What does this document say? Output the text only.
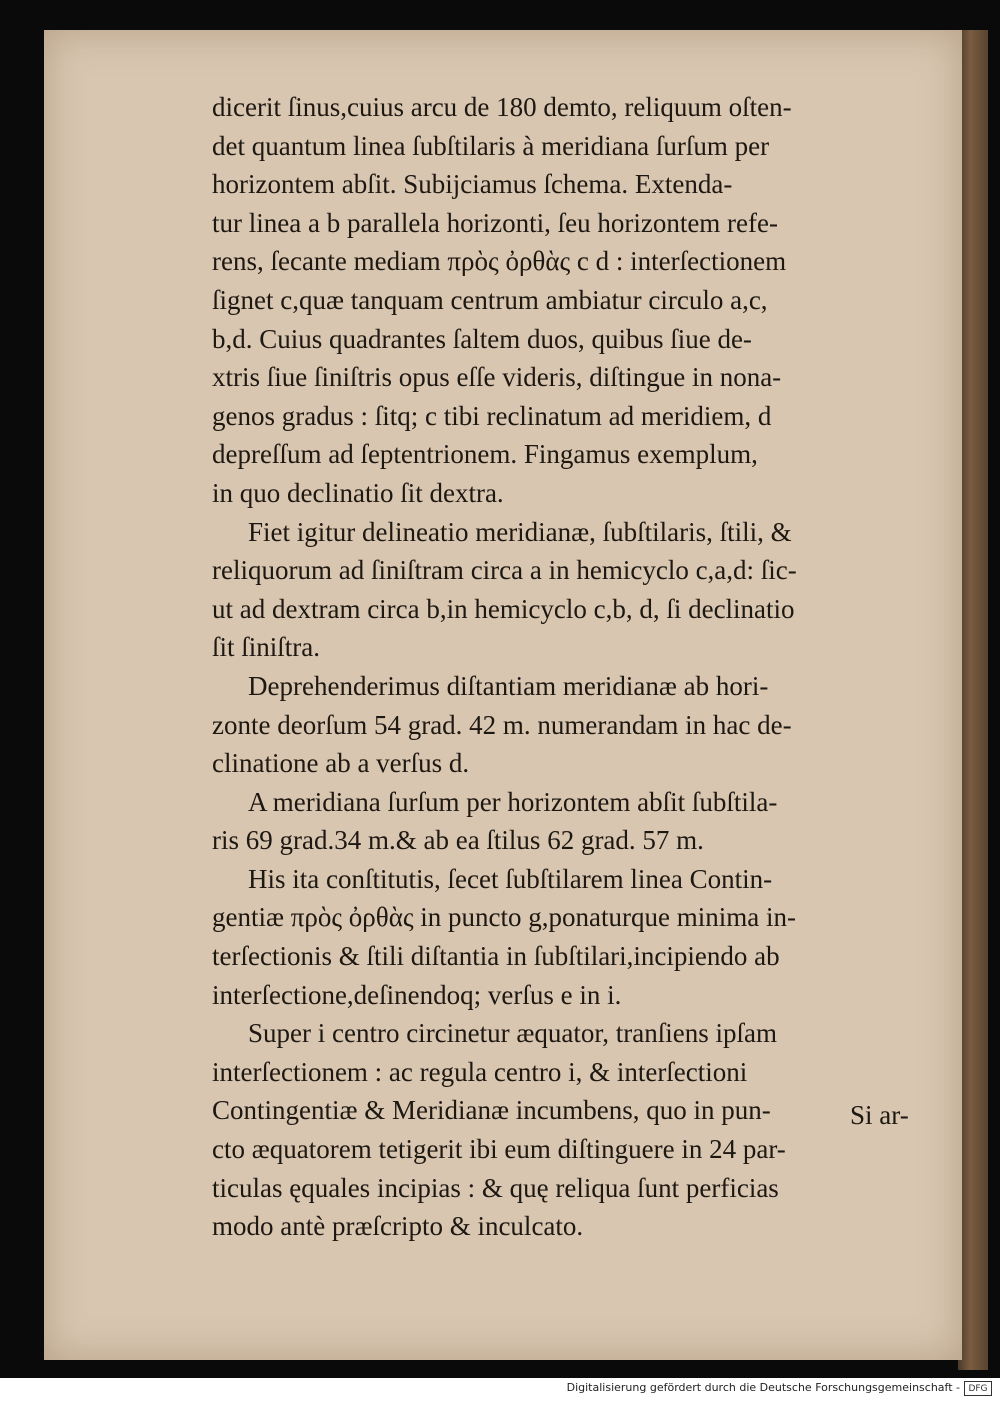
dicerit ſinus,cuius arcu de 180 demto, reliquum oſten-
det quantum linea ſubſtilaris à meridiana ſurſum per
horizontem abſit. Subijciamus ſchema. Extenda-
tur linea a b parallela horizonti, ſeu horizontem refe-
rens, ſecante mediam πρὸς ὀρθὰς c d : interſectionem
ſignet c,quæ tanquam centrum ambiatur circulo a,c,
b,d. Cuius quadrantes ſaltem duos, quibus ſiue de-
xtris ſiue ſiniſtris opus eſſe videris, diſtingue in nona-
genos gradus : ſitq; c tibi reclinatum ad meridiem, d
depreſſum ad ſeptentrionem. Fingamus exemplum,
in quo declinatio ſit dextra.
Fiet igitur delineatio meridianæ, ſubſtilaris, ſtili, &
reliquorum ad ſiniſtram circa a in hemicyclo c,a,d: ſic-
ut ad dextram circa b,in hemicyclo c,b, d, ſi declinatio
ſit ſiniſtra.
Deprehenderimus diſtantiam meridianæ ab hori-
zonte deorſum 54 grad. 42 m. numerandam in hac de-
clinatione ab a verſus d.
A meridiana ſurſum per horizontem abſit ſubſtila-
ris 69 grad.34 m.& ab ea ſtilus 62 grad. 57 m.
His ita conſtitutis, ſecet ſubſtilarem linea Contin-
gentiæ πρὸς ὀρθὰς in puncto g,ponaturque minima in-
terſectionis & ſtili diſtantia in ſubſtilari,incipiendo ab
interſectione,deſinendoq; verſus e in i.
Super i centro circinetur æquator, tranſiens ipſam
interſectionem : ac regula centro i, & interſectioni
Contingentiæ & Meridianæ incumbens, quo in pun-
cto æquatorem tetigerit ibi eum diſtinguere in 24 par-
ticulas ęquales incipias : & quę reliqua ſunt perficias
modo antè præſcripto & inculcato.
Si ar-
Digitalisierung gefördert durch die Deutsche Forschungsgemeinschaft - DFG
